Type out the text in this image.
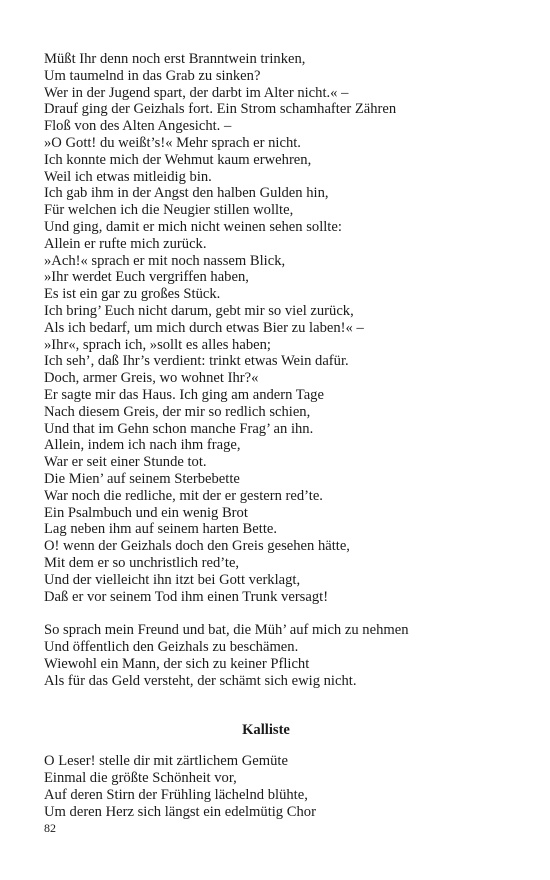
Müßt Ihr denn noch erst Branntwein trinken,
Um taumelnd in das Grab zu sinken?
Wer in der Jugend spart, der darbt im Alter nicht.« –
Drauf ging der Geizhals fort. Ein Strom schamhafter Zähren
Floß von des Alten Angesicht. –
»O Gott! du weißt’s!« Mehr sprach er nicht.
Ich konnte mich der Wehmut kaum erwehren,
Weil ich etwas mitleidig bin.
Ich gab ihm in der Angst den halben Gulden hin,
Für welchen ich die Neugier stillen wollte,
Und ging, damit er mich nicht weinen sehen sollte:
Allein er rufte mich zurück.
»Ach!« sprach er mit noch nassem Blick,
»Ihr werdet Euch vergriffen haben,
Es ist ein gar zu großes Stück.
Ich bring’ Euch nicht darum, gebt mir so viel zurück,
Als ich bedarf, um mich durch etwas Bier zu laben!« –
»Ihr«, sprach ich, »sollt es alles haben;
Ich seh’, daß Ihr’s verdient: trinkt etwas Wein dafür.
Doch, armer Greis, wo wohnet Ihr?«
Er sagte mir das Haus. Ich ging am andern Tage
Nach diesem Greis, der mir so redlich schien,
Und that im Gehn schon manche Frag’ an ihn.
Allein, indem ich nach ihm frage,
War er seit einer Stunde tot.
Die Mien’ auf seinem Sterbebette
War noch die redliche, mit der er gestern red’te.
Ein Psalmbuch und ein wenig Brot
Lag neben ihm auf seinem harten Bette.
O! wenn der Geizhals doch den Greis gesehen hätte,
Mit dem er so unchristlich red’te,
Und der vielleicht ihn itzt bei Gott verklagt,
Daß er vor seinem Tod ihm einen Trunk versagt!
So sprach mein Freund und bat, die Müh’ auf mich zu nehmen
Und öffentlich den Geizhals zu beschämen.
Wiewohl ein Mann, der sich zu keiner Pflicht
Als für das Geld versteht, der schämt sich ewig nicht.
Kalliste
O Leser! stelle dir mit zärtlichem Gemüte
Einmal die größte Schönheit vor,
Auf deren Stirn der Frühling lächelnd blühte,
Um deren Herz sich längst ein edelmütig Chor
82
